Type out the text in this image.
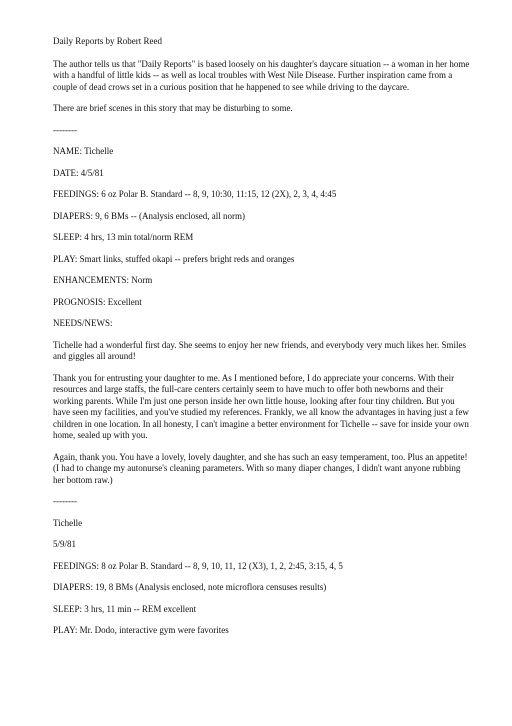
Daily Reports by Robert Reed

The author tells us that "Daily Reports" is based loosely on his daughter's daycare situation -- a woman in her home with a handful of little kids -- as well as local troubles with West Nile Disease. Further inspiration came from a couple of dead crows set in a curious position that he happened to see while driving to the daycare.

There are brief scenes in this story that may be disturbing to some.

--------

NAME: Tichelle

DATE: 4/5/81

FEEDINGS: 6 oz Polar B. Standard -- 8, 9, 10:30, 11:15, 12 (2X), 2, 3, 4, 4:45

DIAPERS: 9, 6 BMs -- (Analysis enclosed, all norm)

SLEEP: 4 hrs, 13 min total/norm REM

PLAY: Smart links, stuffed okapi -- prefers bright reds and oranges

ENHANCEMENTS: Norm

PROGNOSIS: Excellent

NEEDS/NEWS:

Tichelle had a wonderful first day. She seems to enjoy her new friends, and everybody very much likes her. Smiles and giggles all around!

Thank you for entrusting your daughter to me. As I mentioned before, I do appreciate your concerns. With their resources and large staffs, the full-care centers certainly seem to have much to offer both newborns and their working parents. While I'm just one person inside her own little house, looking after four tiny children. But you have seen my facilities, and you've studied my references. Frankly, we all know the advantages in having just a few children in one location. In all honesty, I can't imagine a better environment for Tichelle -- save for inside your own home, sealed up with you.

Again, thank you. You have a lovely, lovely daughter, and she has such an easy temperament, too. Plus an appetite! (I had to change my autonurse's cleaning parameters. With so many diaper changes, I didn't want anyone rubbing her bottom raw.)

--------

Tichelle

5/9/81

FEEDINGS: 8 oz Polar B. Standard -- 8, 9, 10, 11, 12 (X3), 1, 2, 2:45, 3:15, 4, 5

DIAPERS: 19, 8 BMs (Analysis enclosed, note microflora censuses results)

SLEEP: 3 hrs, 11 min -- REM excellent

PLAY: Mr. Dodo, interactive gym were favorites
